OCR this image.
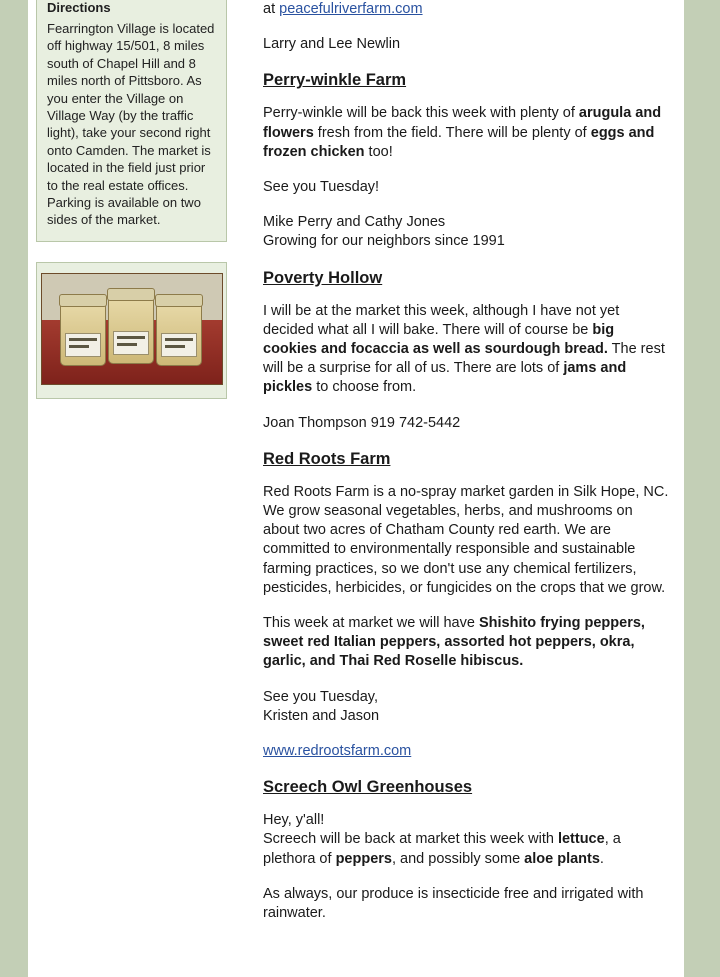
Directions
Fearrington Village is located off highway 15/501, 8 miles south of Chapel Hill and 8 miles north of Pittsboro. As you enter the Village on Village Way (by the traffic light), take your second right onto Camden. The market is located in the field just prior to the real estate offices. Parking is available on two sides of the market.

at peacefulriverfarm.com

Larry and Lee Newlin

Perry-winkle Farm

Perry-winkle will be back this week with plenty of arugula and flowers fresh from the field. There will be plenty of eggs and frozen chicken too!

See you Tuesday!

Mike Perry and Cathy Jones
Growing for our neighbors since 1991

Poverty Hollow

I will be at the market this week, although I have not yet decided what all I will bake. There will of course be big cookies and focaccia as well as sourdough bread. The rest will be a surprise for all of us. There are lots of jams and pickles to choose from.

Joan Thompson 919 742-5442

Red Roots Farm

Red Roots Farm is a no-spray market garden in Silk Hope, NC. We grow seasonal vegetables, herbs, and mushrooms on about two acres of Chatham County red earth. We are committed to environmentally responsible and sustainable farming practices, so we don't use any chemical fertilizers, pesticides, herbicides, or fungicides on the crops that we grow.

This week at market we will have Shishito frying peppers, sweet red Italian peppers, assorted hot peppers, okra, garlic, and Thai Red Roselle hibiscus.

See you Tuesday,
Kristen and Jason

www.redrootsfarm.com

Screech Owl Greenhouses

Hey, y'all!
Screech will be back at market this week with lettuce, a plethora of peppers, and possibly some aloe plants.

As always, our produce is insecticide free and irrigated with rainwater.
